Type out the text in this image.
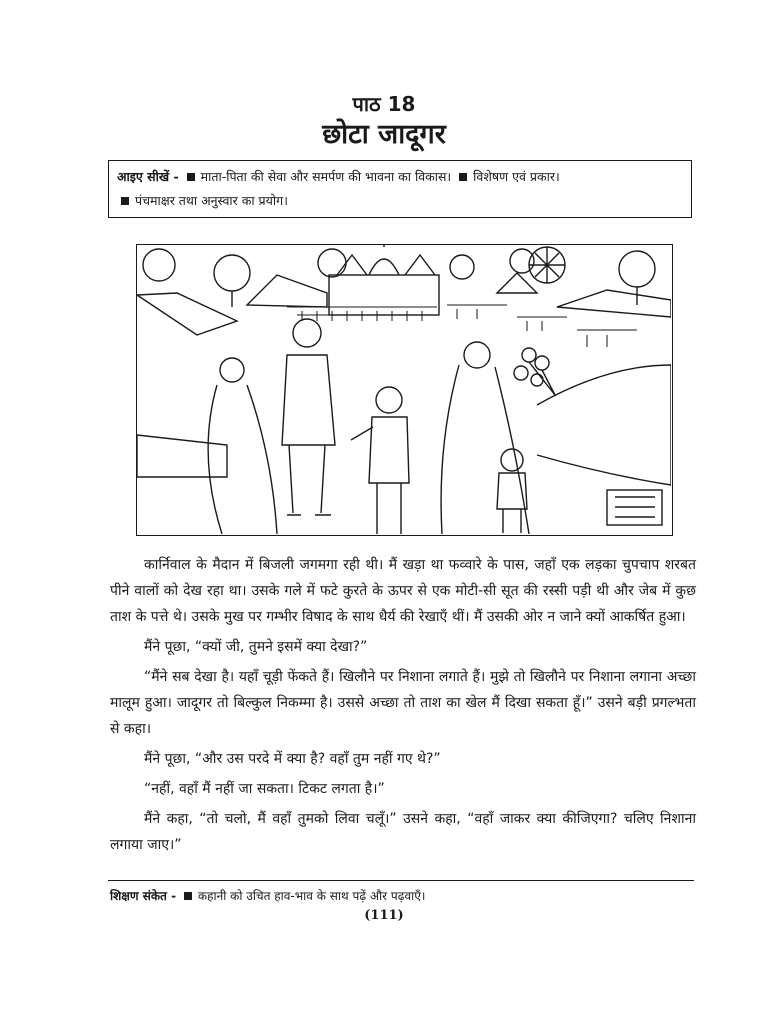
पाठ 18
छोटा जादूगर
आइए सीखें - माता-पिता की सेवा और समर्पण की भावना का विकास। विशेषण एवं प्रकार।
पंचमाक्षर तथा अनुस्वार का प्रयोग।

कार्निवाल के मैदान में बिजली जगमगा रही थी। मैं खड़ा था फव्वारे के पास, जहाँ एक लड़का चुपचाप शरबत पीने वालों को देख रहा था। उसके गले में फटे कुरते के ऊपर से एक मोटी-सी सूत की रस्सी पड़ी थी और जेब में कुछ ताश के पत्ते थे। उसके मुख पर गम्भीर विषाद के साथ धैर्य की रेखाएँ थीं। मैं उसकी ओर न जाने क्यों आकर्षित हुआ।

मैंने पूछा, “क्यों जी, तुमने इसमें क्या देखा?”

“मैंने सब देखा है। यहाँ चूड़ी फेंकते हैं। खिलौने पर निशाना लगाते हैं। मुझे तो खिलौने पर निशाना लगाना अच्छा मालूम हुआ। जादूगर तो बिल्कुल निकम्मा है। उससे अच्छा तो ताश का खेल मैं दिखा सकता हूँ।” उसने बड़ी प्रगल्भता से कहा।

मैंने पूछा, “और उस परदे में क्या है? वहाँ तुम नहीं गए थे?”

“नहीं, वहाँ मैं नहीं जा सकता। टिकट लगता है।”

मैंने कहा, “तो चलो, मैं वहाँ तुमको लिवा चलूँ।” उसने कहा, “वहाँ जाकर क्या कीजिएगा? चलिए निशाना लगाया जाए।”

शिक्षण संकेत - कहानी को उचित हाव-भाव के साथ पढ़ें और पढ़वाएँ।
(111)
